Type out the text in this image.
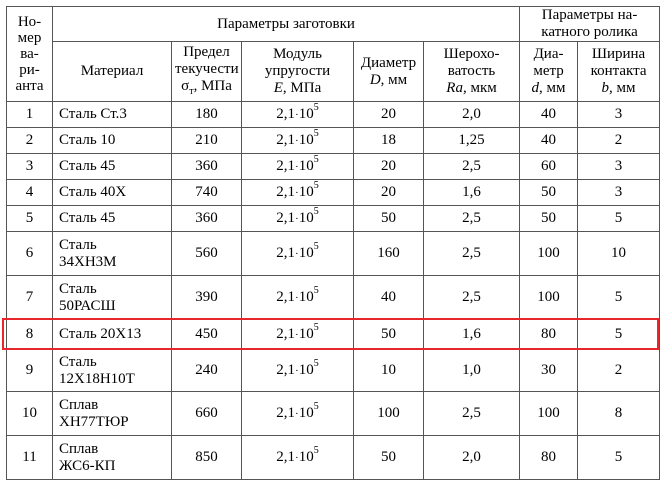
Но-
мер
ва-
ри-
анта	Параметры заготовки					Параметры на-
катного ролика	
	Материал	Предел
текучести
$\sigma_т$, МПа	Модуль
упругости
E, МПа	Диаметр
D, мм	Шерохо-
ватость
Ra, мкм	Диа-
метр
d, мм	Ширина
контакта
b, мм
1	Сталь Ст.3	180	$2,1\cdot 10^5$	20	2,0	40	3
2	Сталь 10	210	$2,1\cdot 10^5$	18	1,25	40	2
3	Сталь 45	360	$2,1\cdot 10^5$	20	2,5	60	3
4	Сталь 40Х	740	$2,1\cdot 10^5$	20	1,6	50	3
5	Сталь 45	360	$2,1\cdot 10^5$	50	2,5	50	5
6	Сталь
34ХН3М	560	$2,1\cdot 10^5$	160	2,5	100	10
7	Сталь
50РАСШ	390	$2,1\cdot 10^5$	40	2,5	100	5
8	Сталь 20Х13	450	$2,1\cdot 10^5$	50	1,6	80	5
9	Сталь
12Х18Н10Т	240	$2,1\cdot 10^5$	10	1,0	30	2
10	Сплав
ХН77ТЮР	660	$2,1\cdot 10^5$	100	2,5	100	8
11	Сплав
ЖС6-КП	850	$2,1\cdot 10^5$	50	2,0	80	5
